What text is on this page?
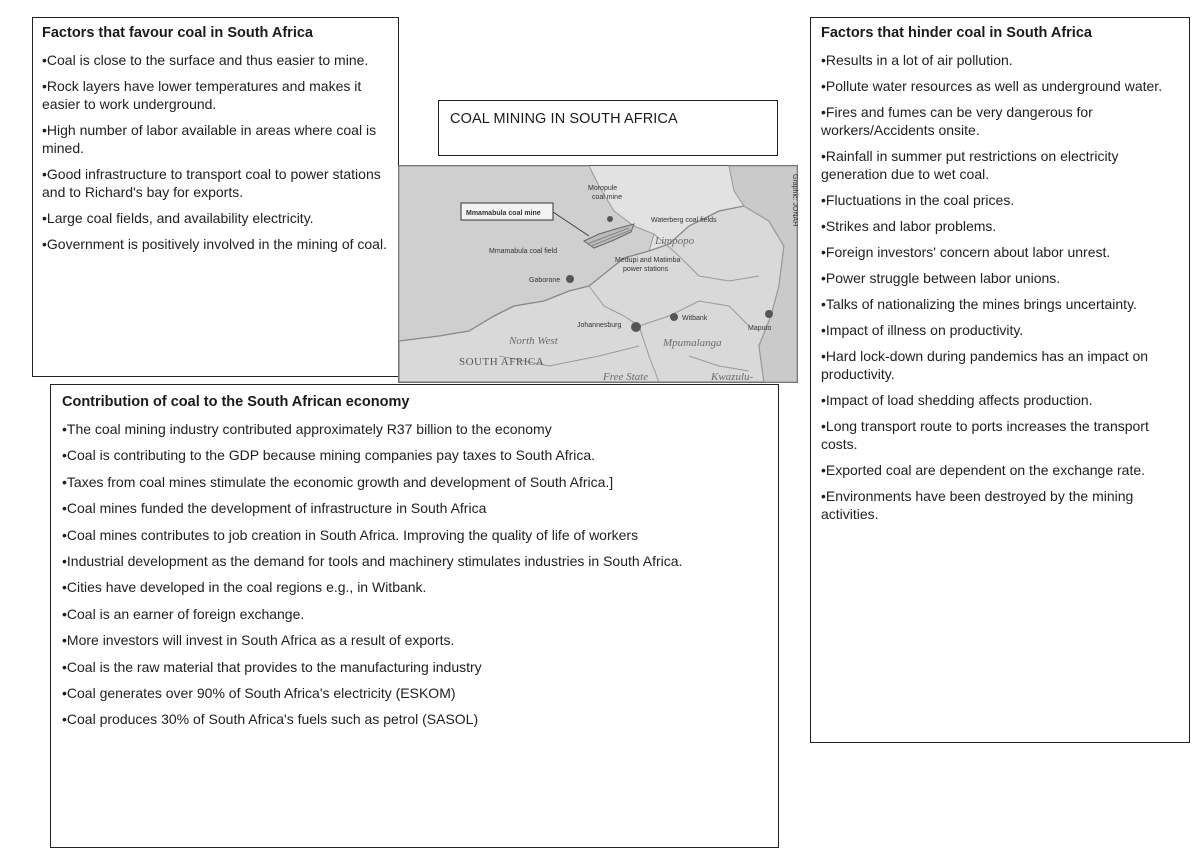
Factors that favour coal in South Africa

•Coal is close to the surface and thus easier to mine.

•Rock layers have lower temperatures and makes it easier to work underground.

•High number of labor available in areas where coal is mined.

•Good infrastructure to transport coal to power stations and to Richard's bay for exports.

•Large coal fields, and availability electricity.

•Government is positively involved in the mining of coal.

COAL MINING IN SOUTH AFRICA
Mmamabula coal mine
Moropule
coal mine
Waterberg coal fields
Limpopo
Mmamabula coal field
Medupi and Matimba
power stations
Gaborone
Johannesburg
Witbank
Maputo
North West	Mpumalanga
SOUTH AFRICA
Free State	Kwazulu-
Graphic: JONAH
Contribution of coal to the South African economy

•The coal mining industry contributed approximately R37 billion to the economy

•Coal is contributing to the GDP because mining companies pay taxes to South Africa.

•Taxes from coal mines stimulate the economic growth and development of South Africa.]

•Coal mines funded the development of infrastructure in South Africa

•Coal mines contributes to job creation in South Africa. Improving the quality of life of workers

•Industrial development as the demand for tools and machinery stimulates industries in South Africa.

•Cities have developed in the coal regions e.g., in Witbank.

•Coal is an earner of foreign exchange.

•More investors will invest in South Africa as a result of exports.

•Coal is the raw material that provides to the manufacturing industry

•Coal generates over 90% of South Africa's electricity (ESKOM)

•Coal produces 30% of South Africa's fuels such as petrol (SASOL)

Factors that hinder coal in South Africa

•Results in a lot of air pollution.

•Pollute water resources as well as underground water.

•Fires and fumes can be very dangerous for workers/Accidents onsite.

•Rainfall in summer put restrictions on electricity generation due to wet coal.

•Fluctuations in the coal prices.

•Strikes and labor problems.

•Foreign investors' concern about labor unrest.

•Power struggle between labor unions.

•Talks of nationalizing the mines brings uncertainty.

•Impact of illness on productivity.

•Hard lock-down during pandemics has an impact on productivity.

•Impact of load shedding affects production.

•Long transport route to ports increases the transport costs.

•Exported coal are dependent on the exchange rate.

•Environments have been destroyed by the mining activities.
